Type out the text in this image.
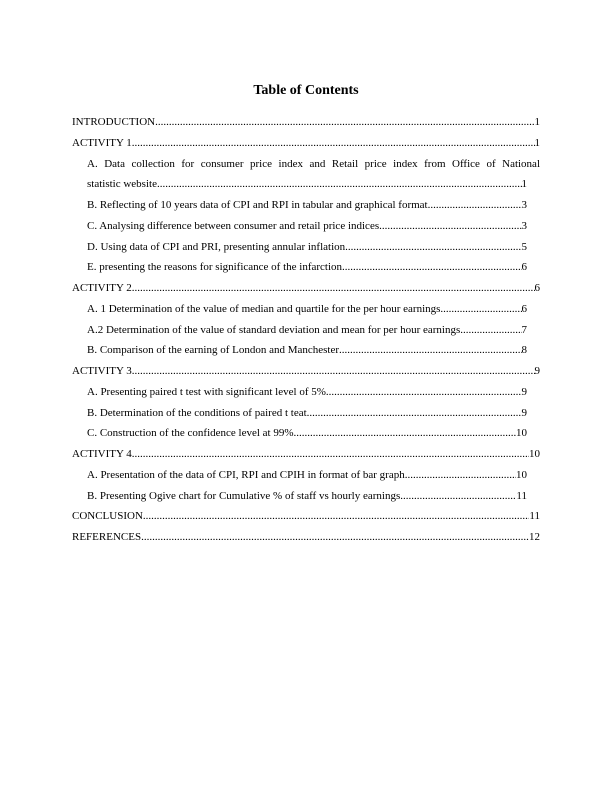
Table of Contents
INTRODUCTION .....	1
ACTIVITY 1 .....	1
A. Data collection for consumer price index and Retail price index from Office of National
statistic website .....	1
B. Reflecting of 10 years data of CPI and RPI in tabular and graphical format .....	3
C. Analysing difference between consumer and retail price indices .....	3
D. Using data of CPI and PRI, presenting annular inflation .....	5
E. presenting the reasons for significance of the infarction .....	6
ACTIVITY 2 .....	6
A. 1 Determination of the value of median and quartile for the per hour earnings .....	6
A.2 Determination of the value of standard deviation and mean for per hour earnings .....	7
B. Comparison of the earning of London and Manchester .....	8
ACTIVITY 3 .....	9
A. Presenting paired t test with significant level of 5% .....	9
B. Determination of the conditions of paired t teat .....	9
C. Construction of the confidence level at 99% .....	10
ACTIVITY 4 .....	10
A. Presentation of the data of CPI, RPI and CPIH in format of bar graph .....	10
B. Presenting Ogive chart for Cumulative % of staff vs hourly earnings .....	11
CONCLUSION .....	11
REFERENCES .....	12
